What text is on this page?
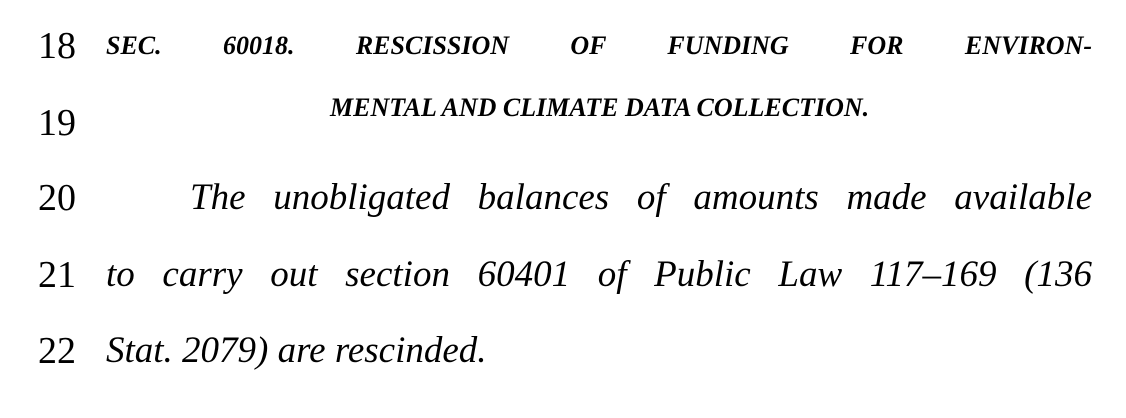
18 SEC. 60018. RESCISSION OF FUNDING FOR ENVIRON-
19	MENTAL AND CLIMATE DATA COLLECTION.
20	The unobligated balances of amounts made available
21 to carry out section 60401 of Public Law 117–169 (136
22 Stat. 2079) are rescinded.
